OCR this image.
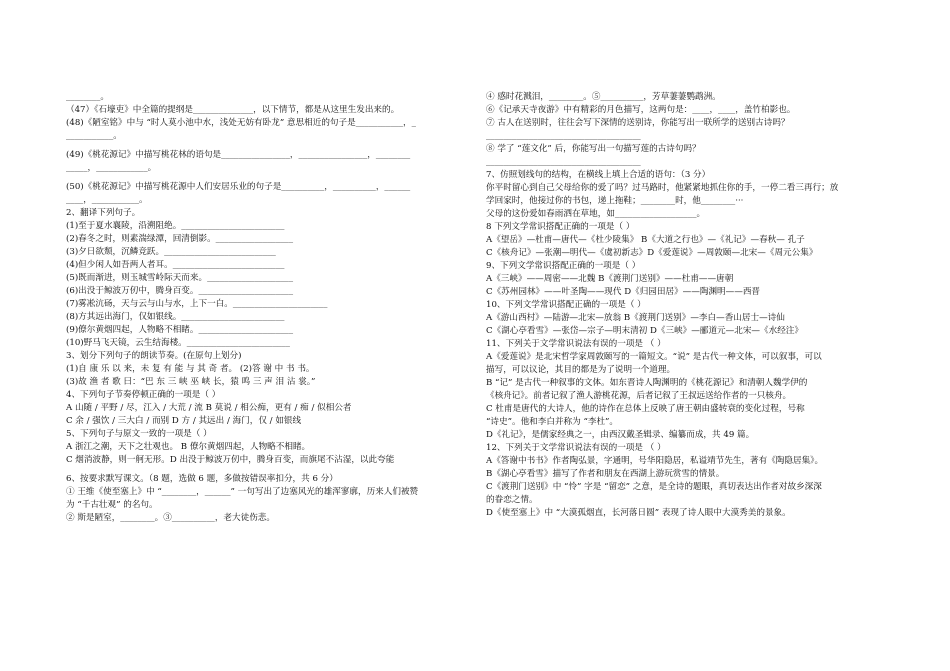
________。
（47）《石壕吏》中全篇的提纲是______________，以下情节，都是从这里生发出来的。
(48)《陋室铭》中与 “时人莫小池中水，浅处无妨有卧龙” 意思相近的句子是___________，_
___________。
(49)《桃花源记》中描写桃花林的语句是________________，________________，________
_____，____________。
(50)《桃花源记》中描写桃花源中人们安居乐业的句子是__________，__________，______
____，___________。
2、翻译下列句子。
(1)至于夏水襄陵，沿溯阻绝。________________________
(2)春冬之时，则素湍绿潭，回清倒影。__________________
(3)夕日欲颓，沉鳞竞跃。__________________________
(4)但少闲人如吾两人者耳。__________________________
(5)既而渐进，则玉城雪岭际天而来。____________________
(6)出没于鲸波万仞中，腾身百变。______________________
(7)雾凇沆砀，天与云与山与水，上下一白。______________________
(8)方其远出海门，仅如银线。________________________
(9)僚尔黄烟四起，人物略不相睹。______________________
(10)野马飞天镜，云生结海楼。________________________
3、划分下列句子的朗读节奏。(在原句上划分)
(1)自 康 乐 以 来，未 复 有 能 与 其 奇 者。 (2)答 谢 中 书 书。
(3)故 渔 者 歌 曰：“巴 东 三 峡 巫 峡 长，猿 鸣 三 声 泪 沾 裳。”
4、下列句子节奏停顿正确的一项是（ ）
A 山随 / 平野 / 尽，江入 / 大荒 / 流 B 莫说 / 相公痴，更有 / 痴 / 似相公者
C 余 / 强饮 / 三大白 / 而别 D 方 / 其远出 / 海门，仅 / 如银线
5、下列句子与原文一致的一项是（ ）
A 浙江之潮，天下之壮观也。 B 僚尔黄烟四起，人物略不相睹。
C 烟消波静，则一舸无形。D 出没于鲸波万仞中，腾身百变，而旗尾不沾湿，以此夸能
6、按要求默写课文。（8 题，选做 6 题，多做按错误率扣分，共 6 分）
① 王维《使至塞上》中 “________，______” 一句写出了边塞风光的雄浑寥廓，历来人们被赞
为 “千古壮观” 的名句。
② 斯是陋室，________。③__________，老大徒伤悲。
④ 感时花溅泪，________。⑤__________，芳草萋萋鹦鹉洲。
⑥《记承天寺夜游》中有精彩的月色描写，这两句是：____，____，盖竹柏影也。
⑦ 古人在送别时，往往会写下深情的送别诗，你能写出一联所学的送别古诗吗？
____________________________________
⑧ 学了 “莲文化” 后，你能写出一句描写莲的古诗句吗？
____________________________________
7、仿照划线句的结构，在横线上填上合适的语句：（3 分）
你平时留心到自己父母给你的爱了吗？过马路时，他紧紧地抓住你的手，一停二看三再行；放
学回家时，他接过你的书包，递上拖鞋；________时，他________···
父母的这份爱如春雨洒在草地，如___________________。
8 下列文学常识搭配正确的一项是（ ）
A《望岳》—杜甫—唐代—《杜少陵集》 B《大道之行也》—《礼记》—春秋— 孔子
C《核舟记》—张潮—明代—《虞初新志》D《爱莲说》—周敦颐—北宋—《周元公集》
9、下列文学常识搭配正确的一项是（ ）
A《三峡》——周密——北魏 B《渡荆门送别》——杜甫——唐朝
C《苏州园林》——叶圣陶——现代 D《归园田居》——陶渊明——西晋
10、下列文学常识搭配正确的一项是（ ）
A《游山西村》—陆游—北宋—放翁 B《渡荆门送别》—李白—香山居士—诗仙
C《湖心亭看雪》—张岱—宗子—明末清初 D《三峡》—郦道元—北宋—《水经注》
11、下列关于文学常识说法有误的一项是 （ ）
A《爱莲说》是北宋哲学家周敦颐写的一篇短文。“说” 是古代一种文体，可以叙事，可以
描写，可以议论，其目的都是为了说明一个道理。
B “记” 是古代一种叙事的文体。如东晋诗人陶渊明的《桃花源记》和清朝人魏学伊的
《核舟记》。前者记叙了渔人游桃花源，后者记叙了王叔远送给作者的一只核舟。
C 杜甫是唐代的大诗人，他的诗作在总体上反映了唐王朝由盛转衰的变化过程，号称
“诗史”。他和李白并称为 “李杜”。
D《礼记》，是儒家经典之一，由西汉戴圣辑录、编纂而成，共 49 篇。
12、下列关于文学常识说法有误的一项是 （ ）
A《答谢中书书》作者陶弘景，字通明，号华阳隐居，私谥靖节先生，著有《陶隐居集》。
B《湖心亭看雪》描写了作者和朋友在西湖上游玩赏雪的情景。
C《渡荆门送别》中 “怜” 字是 “留恋” 之意，是全诗的题眼，真切表达出作者对故乡深深
的眷恋之情。
D《使至塞上》中 “大漠孤烟直，长河落日圆” 表现了诗人眼中大漠秀美的景象。
